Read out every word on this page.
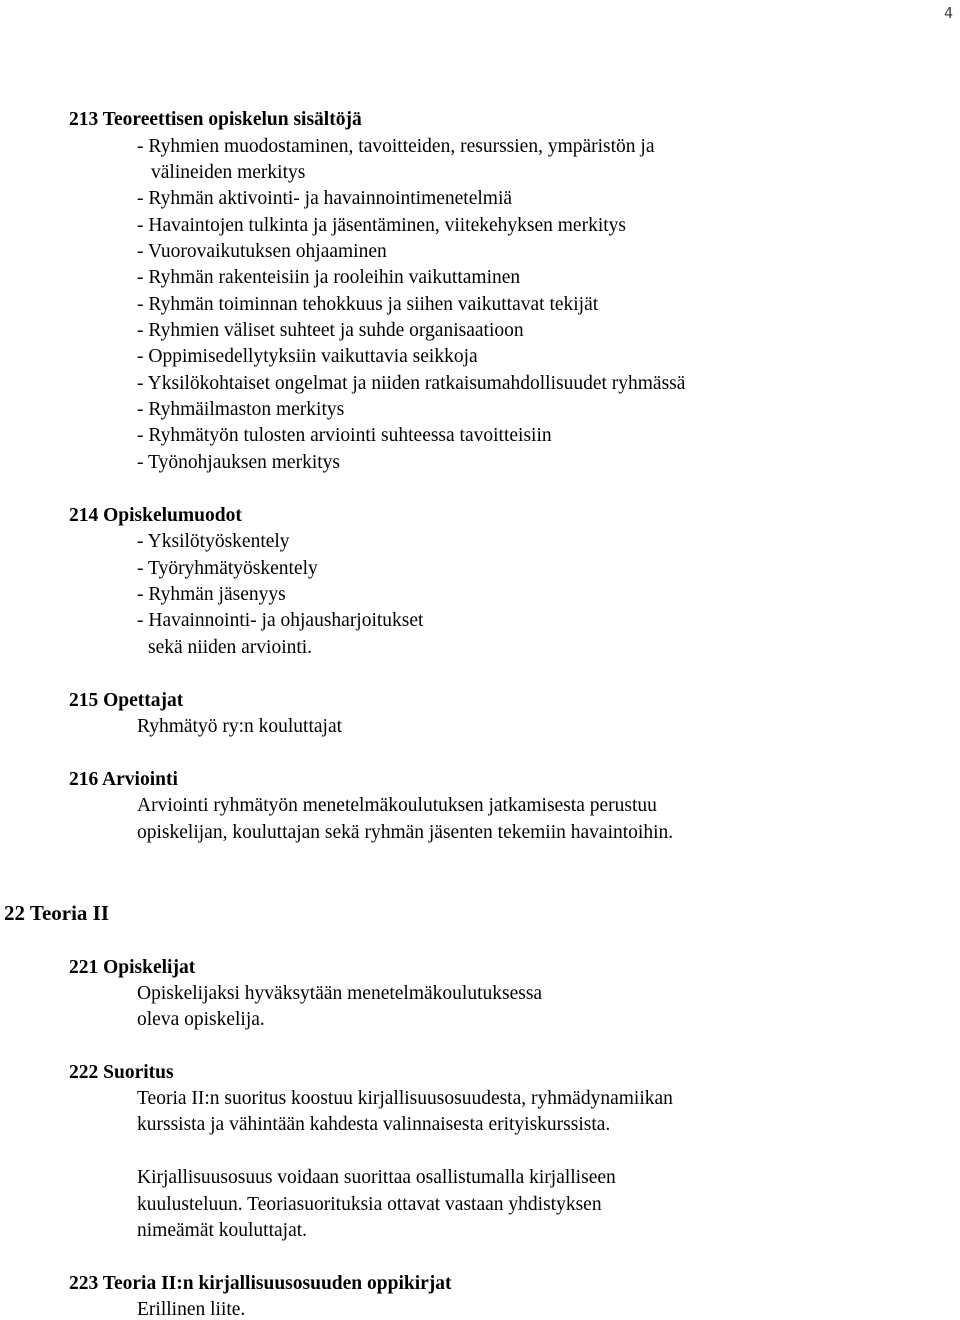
4
213 Teoreettisen opiskelun sisältöjä
- Ryhmien muodostaminen, tavoitteiden, resurssien, ympäristön ja
välineiden merkitys
- Ryhmän aktivointi- ja havainnointimenetelmiä
- Havaintojen tulkinta ja jäsentäminen, viitekehyksen merkitys
- Vuorovaikutuksen ohjaaminen
- Ryhmän rakenteisiin ja rooleihin vaikuttaminen
- Ryhmän toiminnan tehokkuus ja siihen vaikuttavat tekijät
- Ryhmien väliset suhteet ja suhde organisaatioon
- Oppimisedellytyksiin vaikuttavia seikkoja
- Yksilökohtaiset ongelmat ja niiden ratkaisumahdollisuudet ryhmässä
- Ryhmäilmaston merkitys
- Ryhmätyön tulosten arviointi suhteessa tavoitteisiin
- Työnohjauksen merkitys
214 Opiskelumuodot
- Yksilötyöskentely
- Työryhmätyöskentely
- Ryhmän jäsenyys
- Havainnointi- ja ohjausharjoitukset
sekä niiden arviointi.
215 Opettajat
Ryhmätyö ry:n kouluttajat
216 Arviointi
Arviointi ryhmätyön menetelmäkoulutuksen jatkamisesta perustuu
opiskelijan, kouluttajan sekä ryhmän jäsenten tekemiin havaintoihin.
22 Teoria II
221 Opiskelijat
Opiskelijaksi hyväksytään menetelmäkoulutuksessa
oleva opiskelija.
222 Suoritus
Teoria II:n suoritus koostuu kirjallisuusosuudesta, ryhmädynamiikan
kurssista ja vähintään kahdesta valinnaisesta erityiskurssista.
Kirjallisuusosuus voidaan suorittaa osallistumalla kirjalliseen
kuulusteluun. Teoriasuorituksia ottavat vastaan yhdistyksen
nimeämät kouluttajat.
223 Teoria II:n kirjallisuusosuuden oppikirjat
Erillinen liite.
